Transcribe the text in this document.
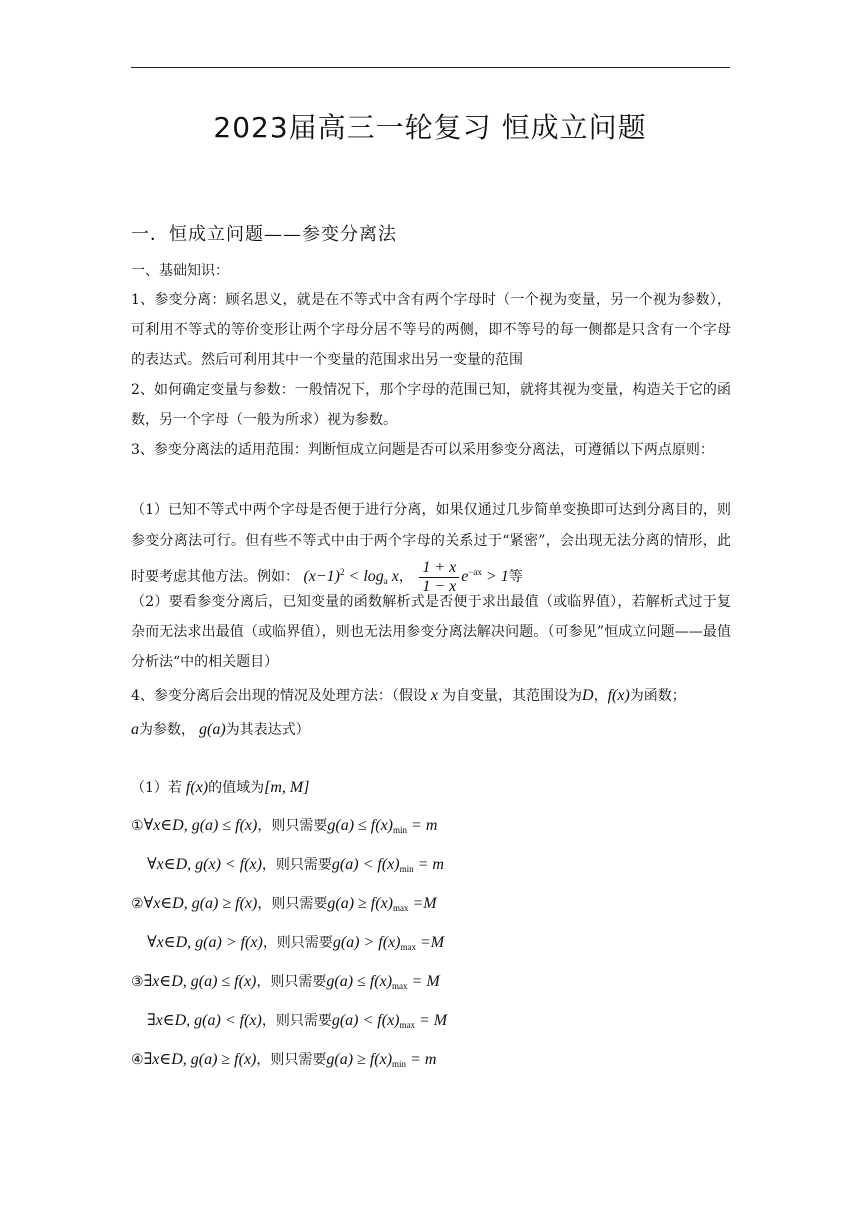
2023届高三一轮复习 恒成立问题
一．恒成立问题——参变分离法
一、基础知识：
1、参变分离：顾名思义，就是在不等式中含有两个字母时（一个视为变量，另一个视为参数），可利用不等式的等价变形让两个字母分居不等号的两侧，即不等号的每一侧都是只含有一个字母的表达式。然后可利用其中一个变量的范围求出另一变量的范围
2、如何确定变量与参数：一般情况下，那个字母的范围已知，就将其视为变量，构造关于它的函数，另一个字母（一般为所求）视为参数。
3、参变分离法的适用范围：判断恒成立问题是否可以采用参变分离法，可遵循以下两点原则：
（1）已知不等式中两个字母是否便于进行分离，如果仅通过几步简单变换即可达到分离目的，则参变分离法可行。但有些不等式中由于两个字母的关系过于“紧密”，会出现无法分离的情形，此时要考虑其他方法。例如： $(x-1)^2 < \log_a x$， $\frac{1 + x}{1 - x} e^{-ax} > 1$等
（2）要看参变分离后，已知变量的函数解析式是否便于求出最值（或临界值），若解析式过于复杂而无法求出最值（或临界值），则也无法用参变分离法解决问题。（可参见”恒成立问题——最值分析法“中的相关题目）
4、参变分离后会出现的情况及处理方法：（假设 x 为自变量，其范围设为D，f(x)为函数；
a为参数， g(a)为其表达式）
（1）若 f(x)的值域为[m, M]
①∀x∈D, g(a) ≤ f(x)，则只需要$g(a) \le f(x)_{min} = m$
∀x∈D, g(x) < f(x)，则只需要$g(a) < f(x)_{min} = m$
②∀x∈D, g(a) ≥ f(x)，则只需要$g(a) \ge f(x)_{max} =M$
∀x∈D, g(a) > f(x)，则只需要$g(a) > f(x)_{max} =M$
③∃x∈D, g(a) ≤ f(x)，则只需要$g(a) \le f(x)_{max} = M$
∃x∈D, g(a) < f(x)，则只需要$g(a) < f(x)_{max} = M$
④∃x∈D, g(a) ≥ f(x)，则只需要$g(a) \ge f(x)_{min} = m$
